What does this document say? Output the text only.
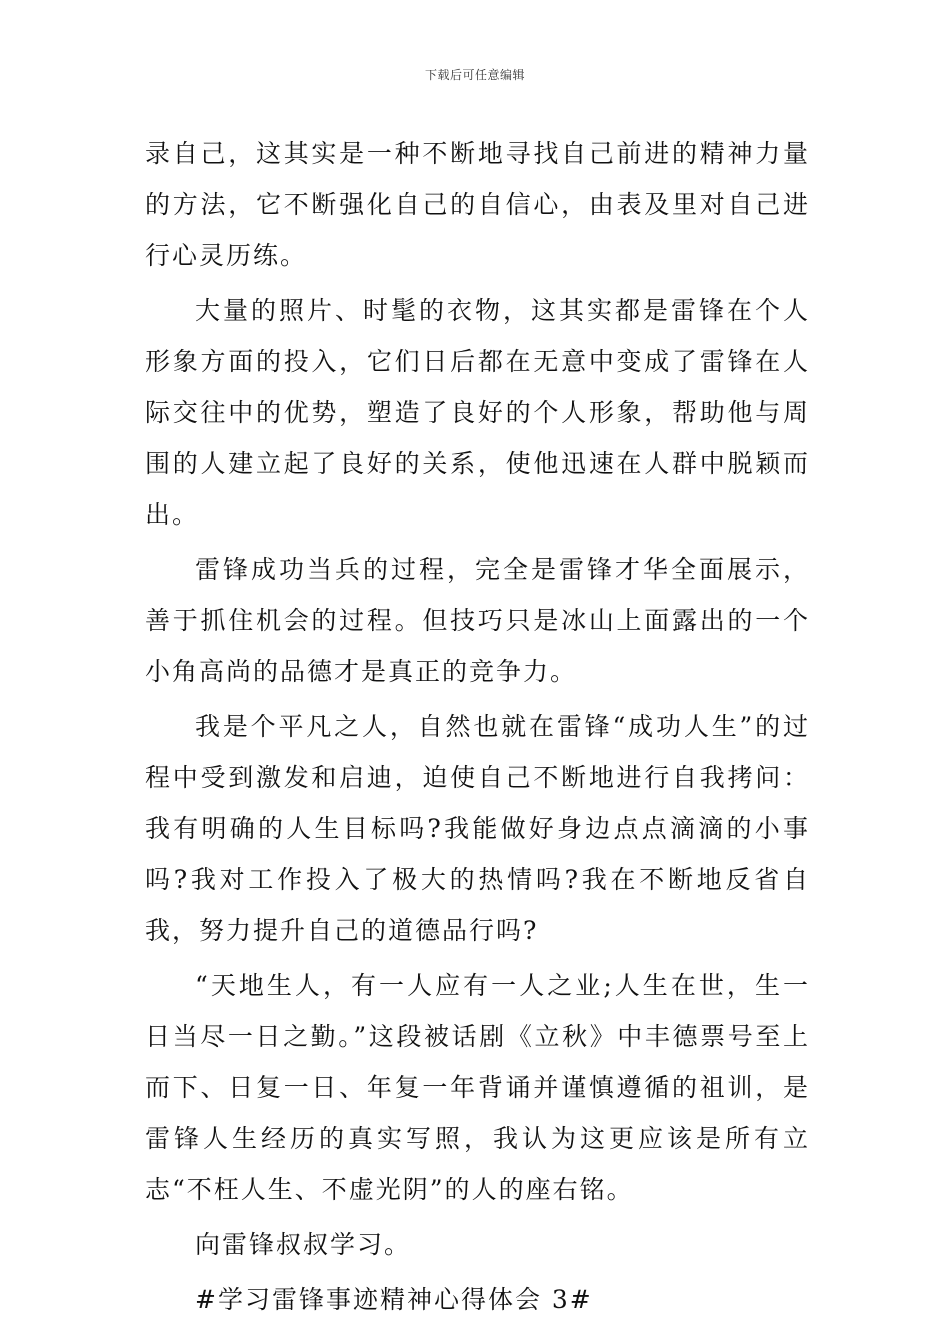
下载后可任意编辑

录自己，这其实是一种不断地寻找自己前进的精神力量的方法，它不断强化自己的自信心，由表及里对自己进行心灵历练。

大量的照片、时髦的衣物，这其实都是雷锋在个人形象方面的投入，它们日后都在无意中变成了雷锋在人际交往中的优势，塑造了良好的个人形象，帮助他与周围的人建立起了良好的关系，使他迅速在人群中脱颖而出。

雷锋成功当兵的过程，完全是雷锋才华全面展示，善于抓住机会的过程。但技巧只是冰山上面露出的一个小角高尚的品德才是真正的竞争力。

我是个平凡之人，自然也就在雷锋“成功人生”的过程中受到激发和启迪，迫使自己不断地进行自我拷问：我有明确的人生目标吗?我能做好身边点点滴滴的小事吗?我对工作投入了极大的热情吗?我在不断地反省自我，努力提升自己的道德品行吗?

“天地生人，有一人应有一人之业;人生在世，生一日当尽一日之勤。”这段被话剧《立秋》中丰德票号至上而下、日复一日、年复一年背诵并谨慎遵循的祖训，是雷锋人生经历的真实写照，我认为这更应该是所有立志“不枉人生、不虚光阴”的人的座右铭。

向雷锋叔叔学习。

#学习雷锋事迹精神心得体会 3#
